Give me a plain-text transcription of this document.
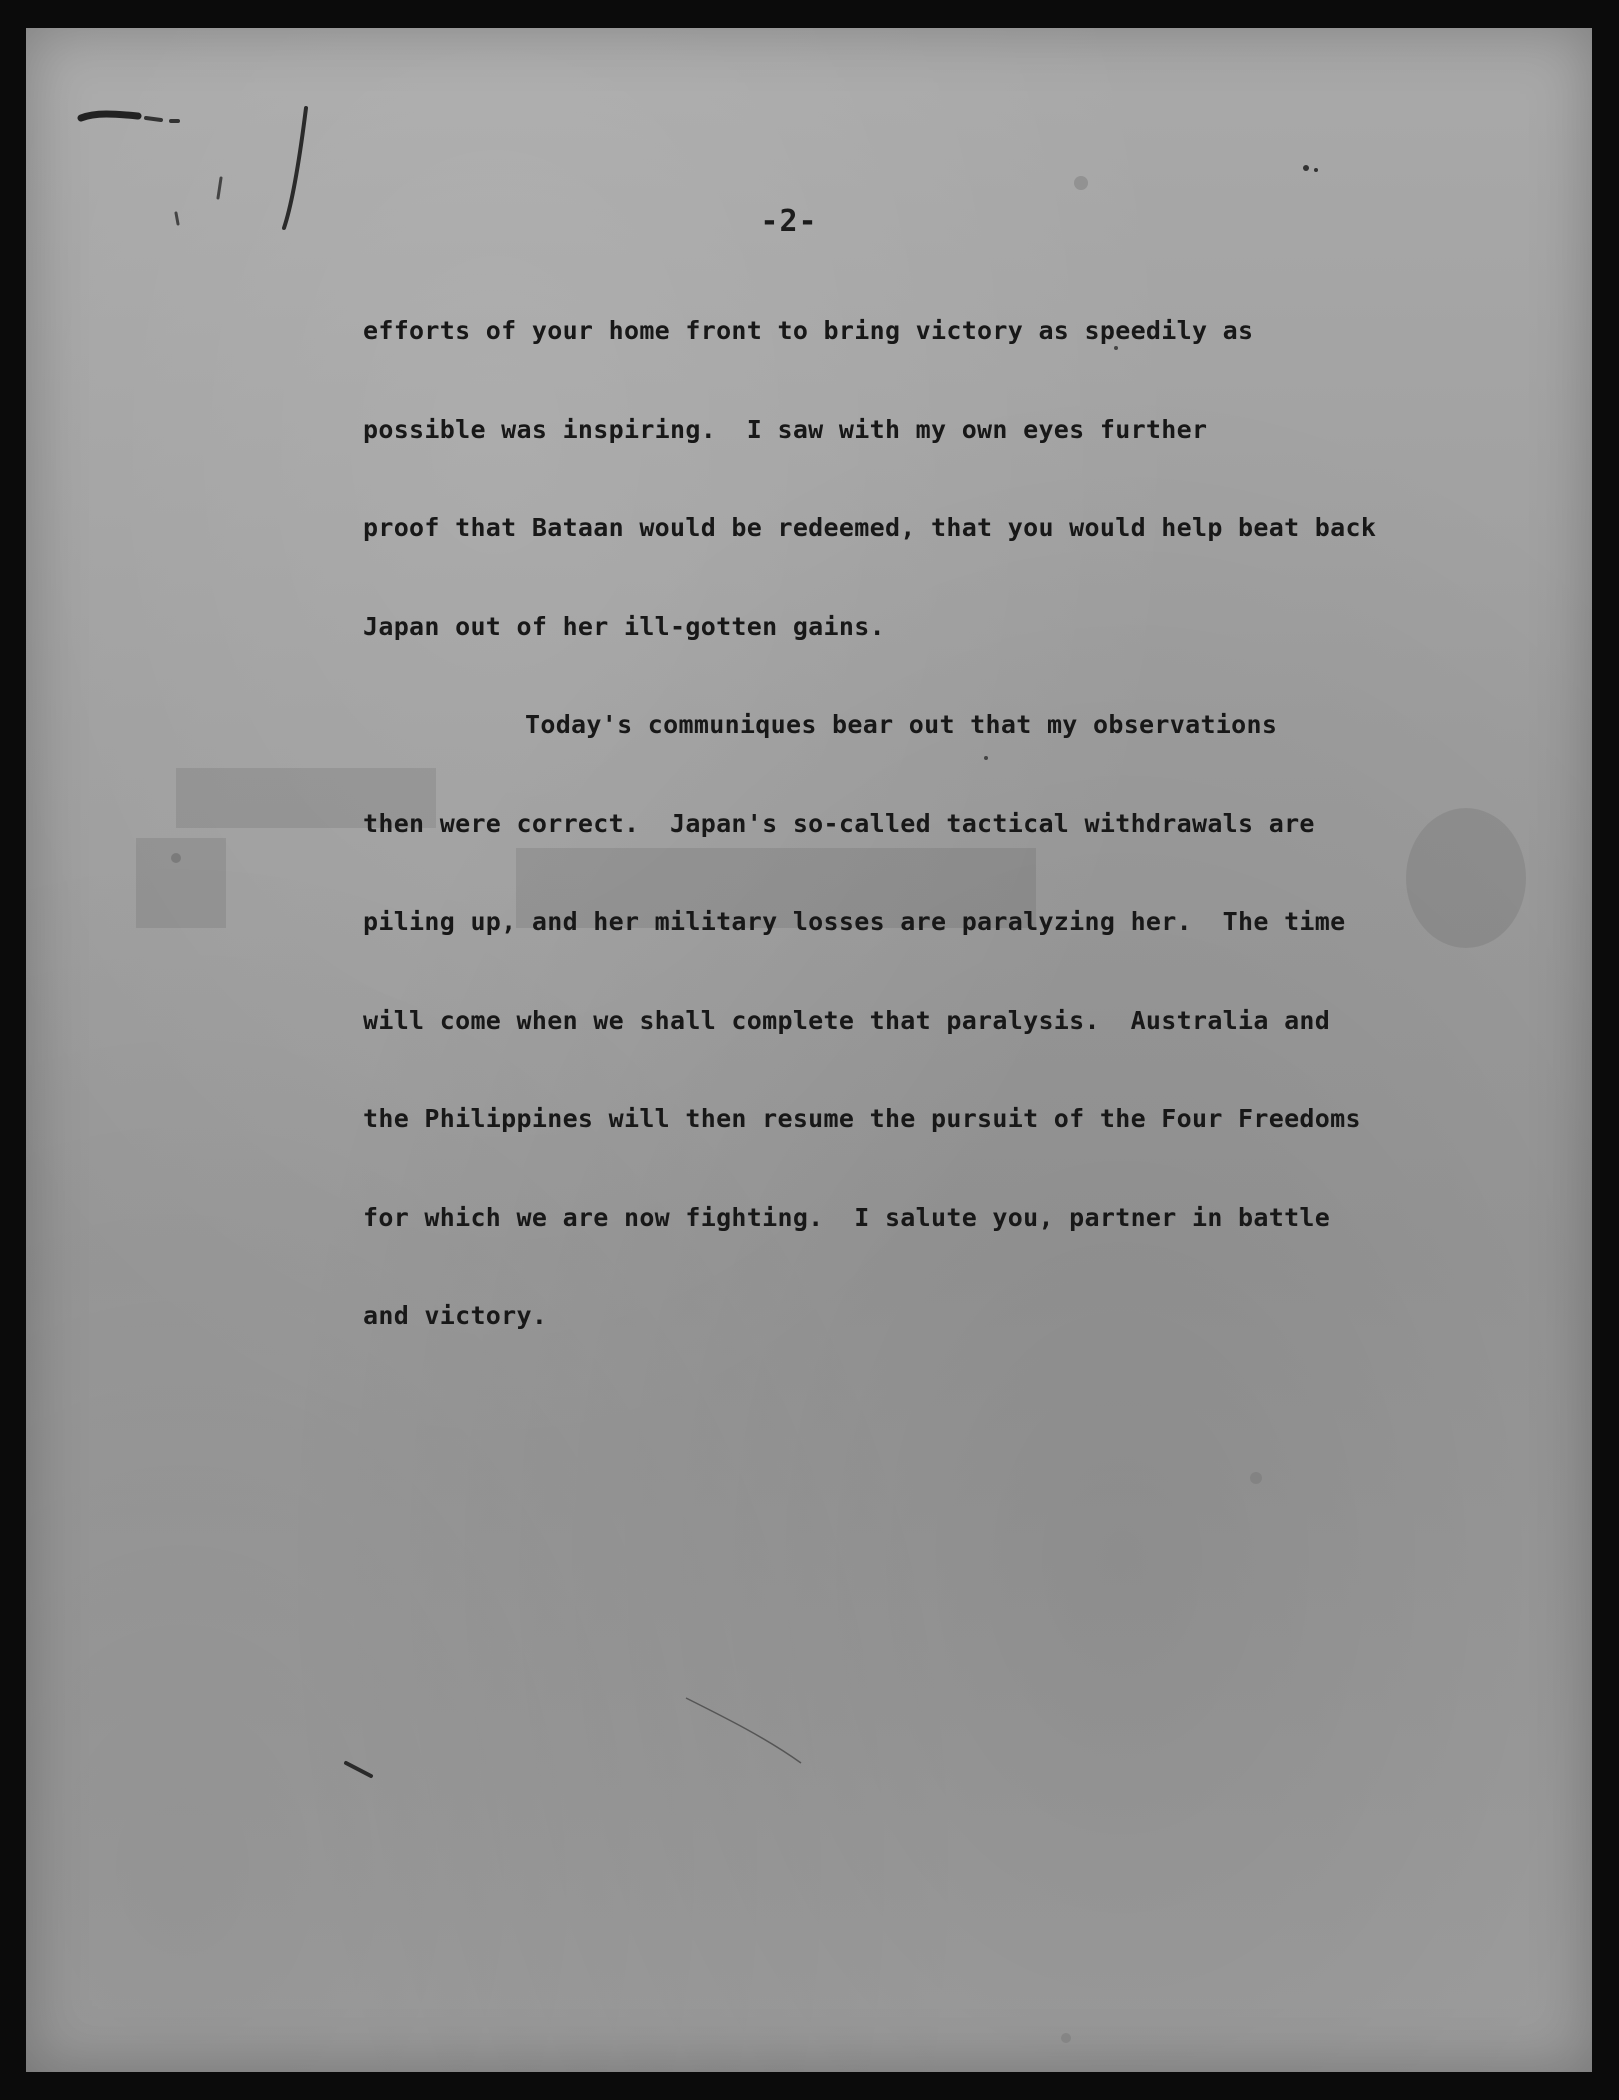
-2-
efforts of your home front to bring victory as speedily as
possible was inspiring.  I saw with my own eyes further
proof that Bataan would be redeemed, that you would help beat back
Japan out of her ill-gotten gains.
Today's communiques bear out that my observations
then were correct.  Japan's so-called tactical withdrawals are
piling up, and her military losses are paralyzing her.  The time
will come when we shall complete that paralysis.  Australia and
the Philippines will then resume the pursuit of the Four Freedoms
for which we are now fighting.  I salute you, partner in battle
and victory.
